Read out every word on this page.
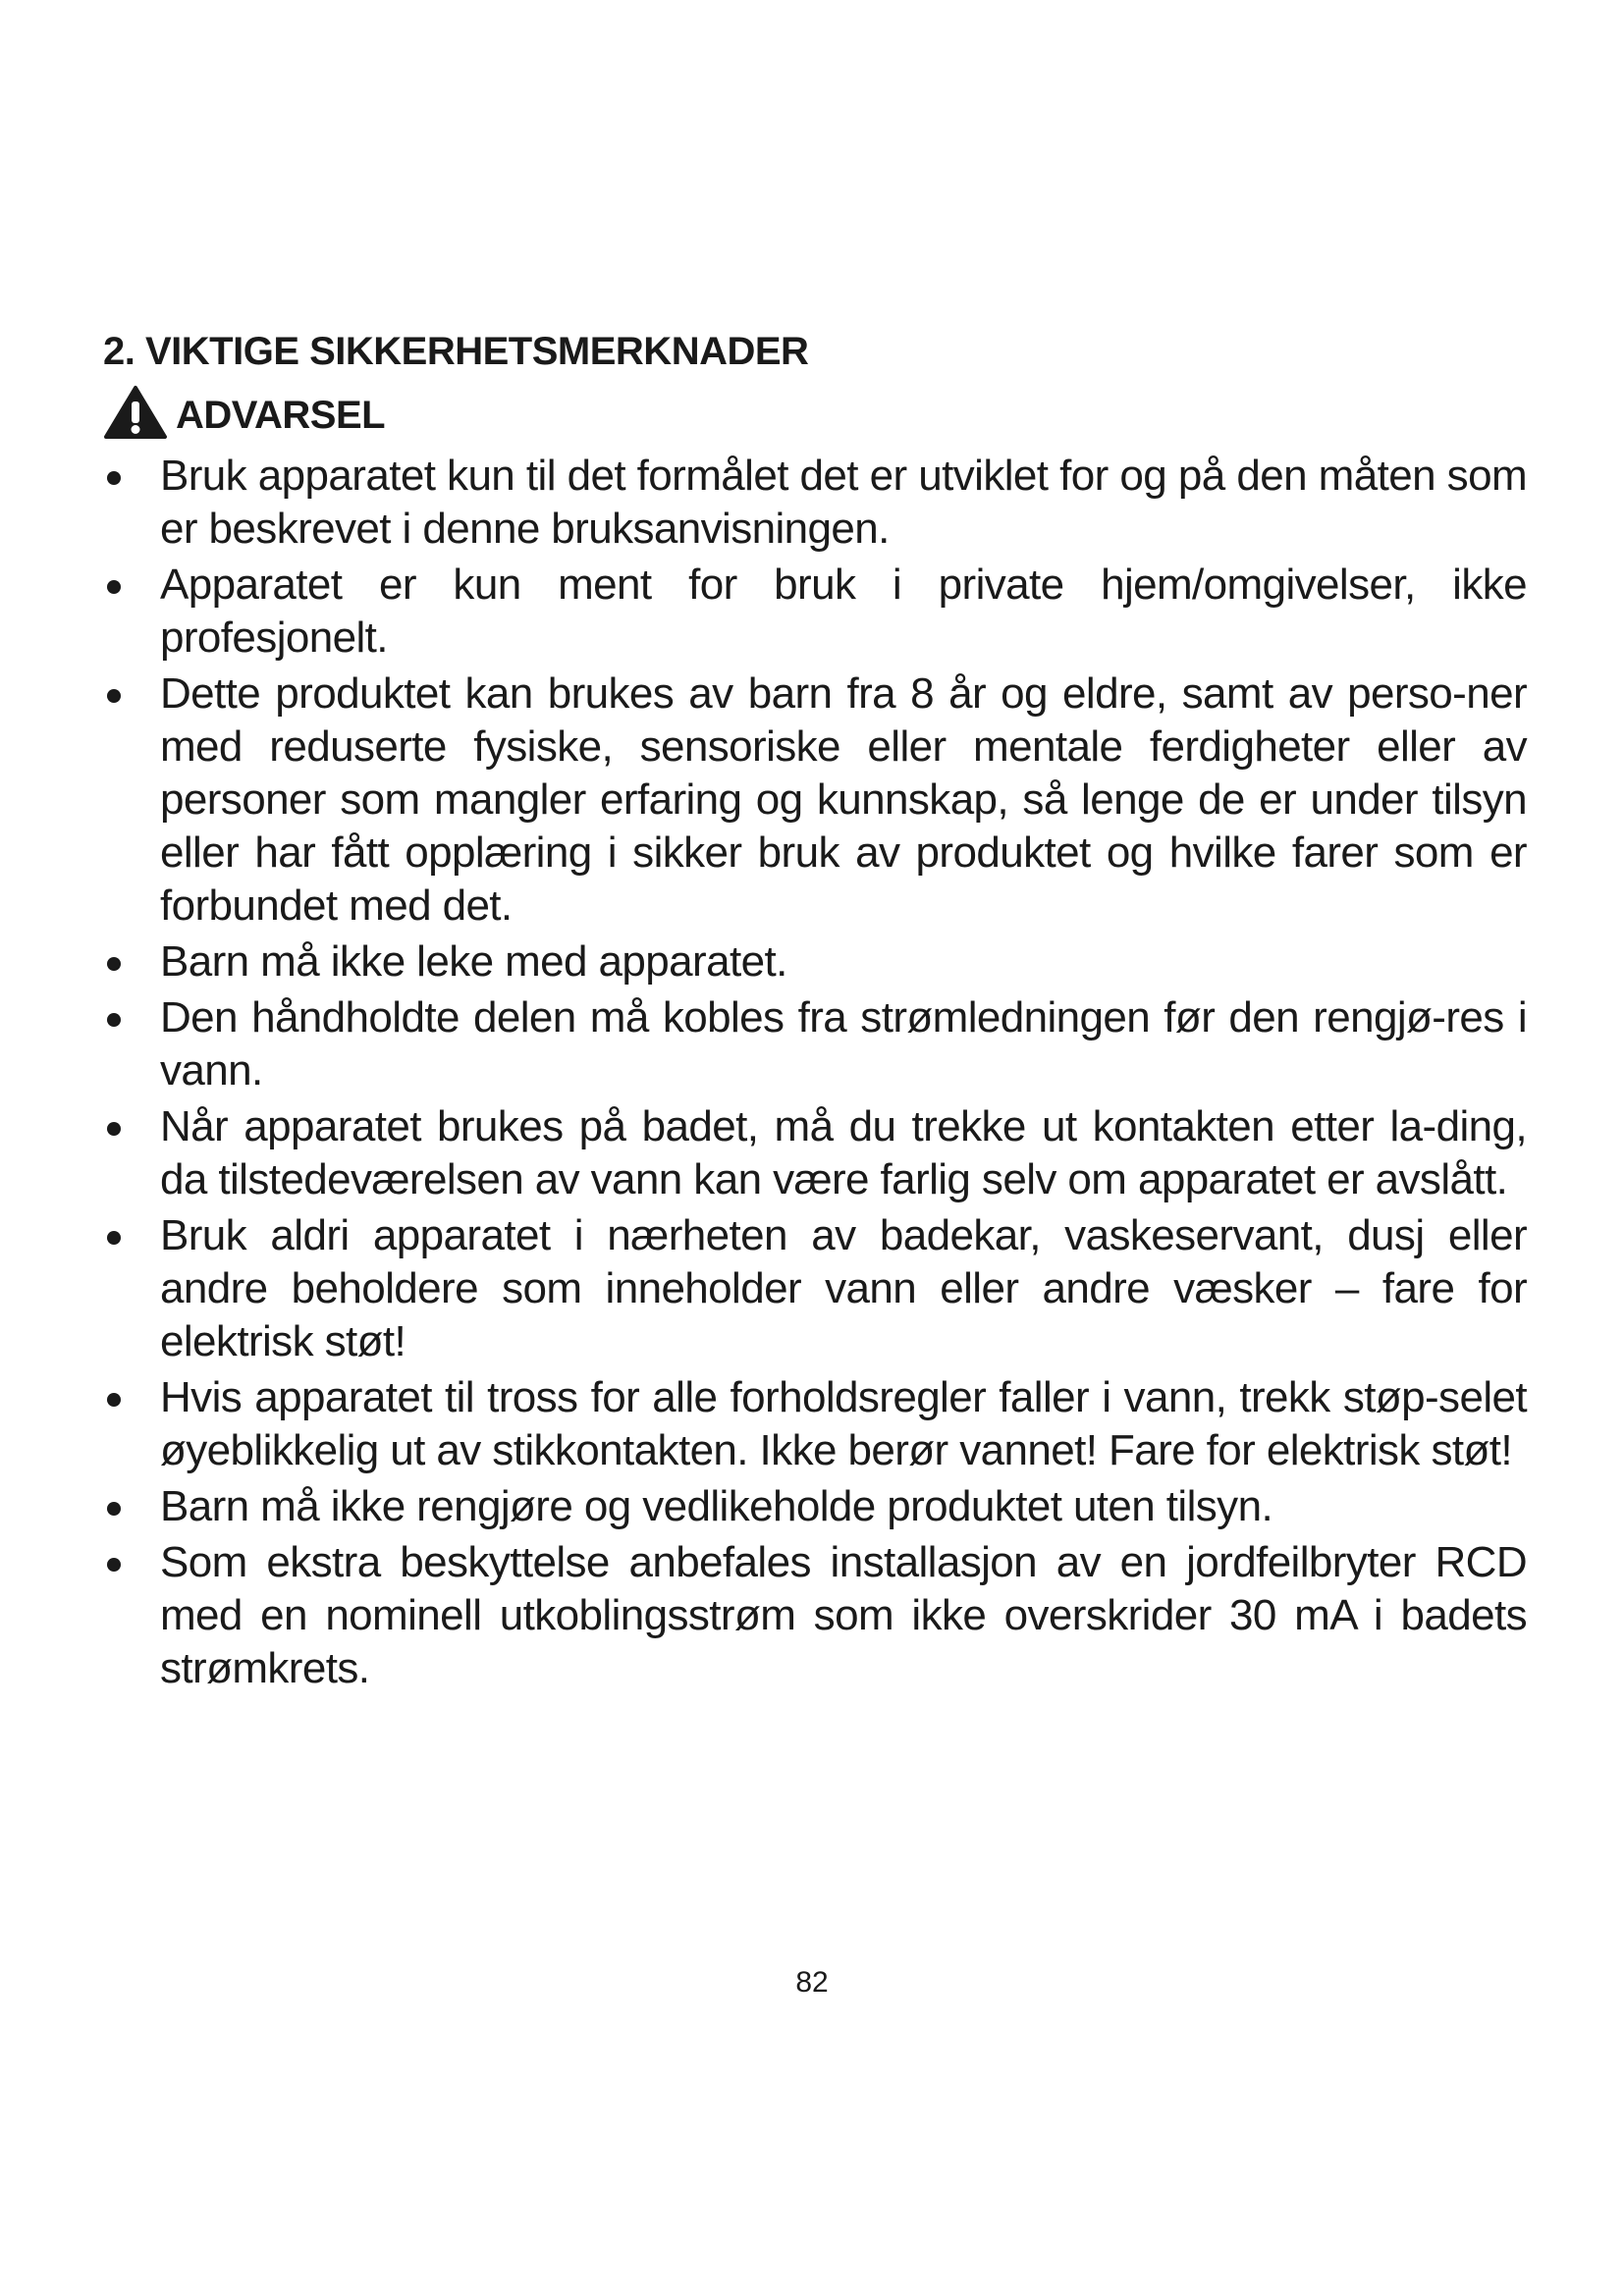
2. VIKTIGE SIKKERHETSMERKNADER
ADVARSEL
Bruk apparatet kun til det formålet det er utviklet for og på den måten som er beskrevet i denne bruksanvisningen.
Apparatet er kun ment for bruk i private hjem/omgivelser, ikke profesjonelt.
Dette produktet kan brukes av barn fra 8 år og eldre, samt av perso-ner med reduserte fysiske, sensoriske eller mentale ferdigheter eller av personer som mangler erfaring og kunnskap, så lenge de er under tilsyn eller har fått opplæring i sikker bruk av produktet og hvilke farer som er forbundet med det.
Barn må ikke leke med apparatet.
Den håndholdte delen må kobles fra strømledningen før den rengjø-res i vann.
Når apparatet brukes på badet, må du trekke ut kontakten etter la-ding, da tilstedeværelsen av vann kan være farlig selv om apparatet er avslått.
Bruk aldri apparatet i nærheten av badekar, vaskeservant, dusj eller andre beholdere som inneholder vann eller andre væsker – fare for elektrisk støt!
Hvis apparatet til tross for alle forholdsregler faller i vann, trekk støp-selet øyeblikkelig ut av stikkontakten. Ikke berør vannet! Fare for elektrisk støt!
Barn må ikke rengjøre og vedlikeholde produktet uten tilsyn.
Som ekstra beskyttelse anbefales installasjon av en jordfeilbryter RCD med en nominell utkoblingsstrøm som ikke overskrider 30 mA i badets strømkrets.
82
